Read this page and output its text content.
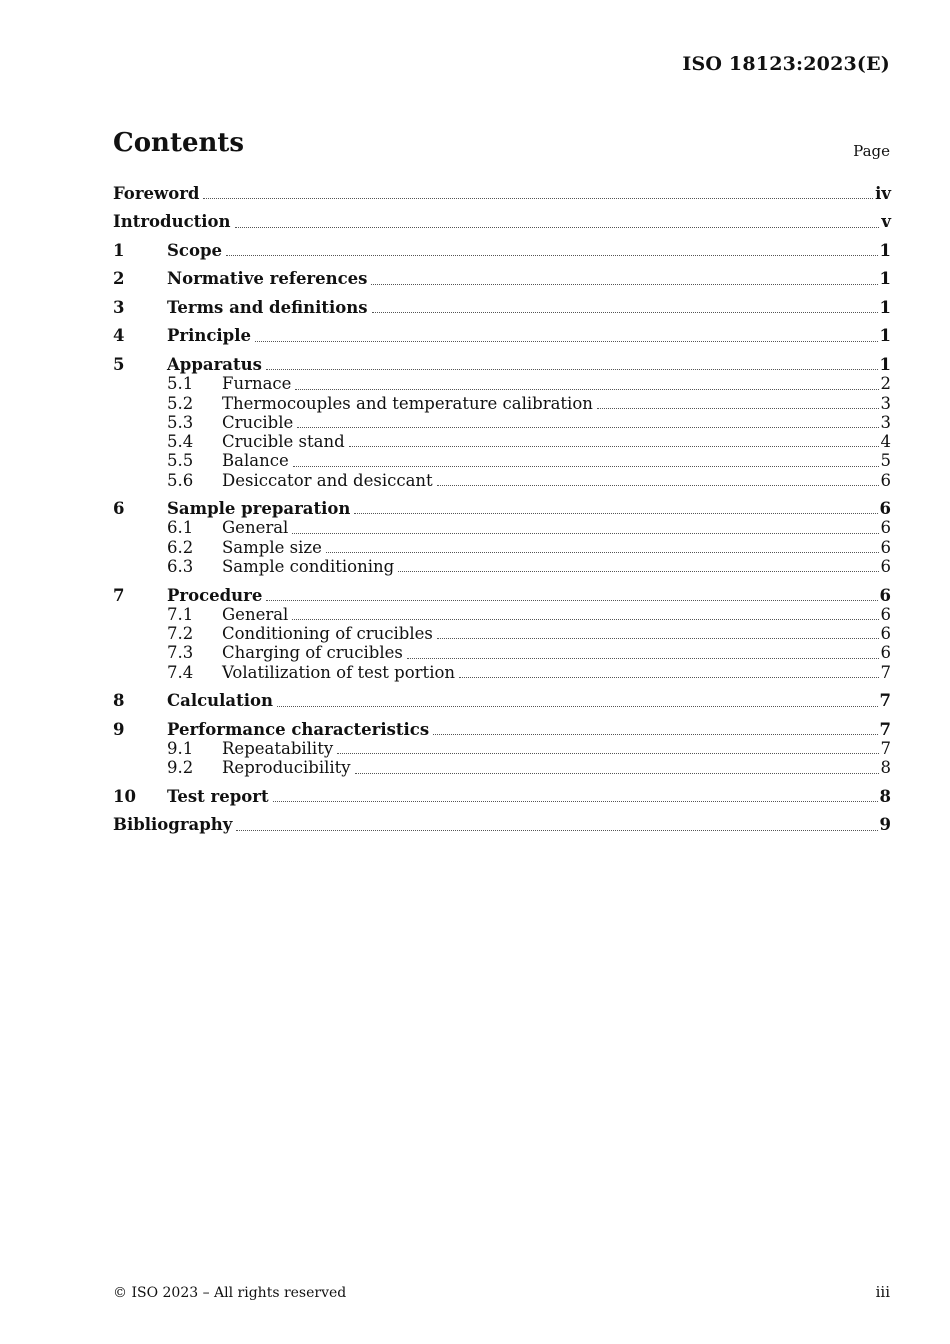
ISO 18123:2023(E)
Contents	Page
Foreword	iv
Introduction	v
1	Scope	1
2	Normative references	1
3	Terms and definitions	1
4	Principle	1
5	Apparatus	1
5.1	Furnace	2
5.2	Thermocouples and temperature calibration	3
5.3	Crucible	3
5.4	Crucible stand	4
5.5	Balance	5
5.6	Desiccator and desiccant	6
6	Sample preparation	6
6.1	General	6
6.2	Sample size	6
6.3	Sample conditioning	6
7	Procedure	6
7.1	General	6
7.2	Conditioning of crucibles	6
7.3	Charging of crucibles	6
7.4	Volatilization of test portion	7
8	Calculation	7
9	Performance characteristics	7
9.1	Repeatability	7
9.2	Reproducibility	8
10	Test report	8
Bibliography	9
© ISO 2023 – All rights reserved	iii
